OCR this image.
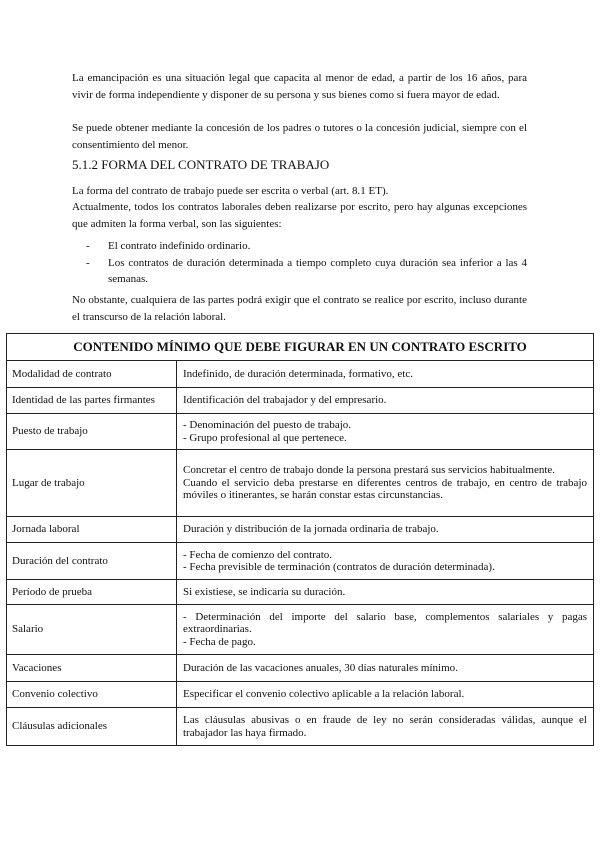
La emancipación es una situación legal que capacita al menor de edad, a partir de los 16 años, para vivir de forma independiente y disponer de su persona y sus bienes como si fuera mayor de edad.

Se puede obtener mediante la concesión de los padres o tutores o la concesión judicial, siempre con el consentimiento del menor.

5.1.2 FORMA DEL CONTRATO DE TRABAJO

La forma del contrato de trabajo puede ser escrita o verbal (art. 8.1 ET).

Actualmente, todos los contratos laborales deben realizarse por escrito, pero hay algunas excepciones que admiten la forma verbal, son las siguientes:

- El contrato indefinido ordinario.
- Los contratos de duración determinada a tiempo completo cuya duración sea inferior a las 4 semanas.

No obstante, cualquiera de las partes podrá exigir que el contrato se realice por escrito, incluso durante el transcurso de la relación laboral.

CONTENIDO MÍNIMO QUE DEBE FIGURAR EN UN CONTRATO ESCRITO	
Modalidad de contrato	Indefinido, de duración determinada, formativo, etc.

Identidad de las partes firmantes	Identificación del trabajador y del empresario.

Puesto de trabajo	- Denominación del puesto de trabajo.
- Grupo profesional al que pertenece.

Lugar de trabajo	Concretar el centro de trabajo donde la persona prestará sus servicios habitualmente.
Cuando el servicio deba prestarse en diferentes centros de trabajo, en centro de trabajo móviles o itinerantes, se harán constar estas circunstancias.

Jornada laboral	Duración y distribución de la jornada ordinaria de trabajo.

Duración del contrato	- Fecha de comienzo del contrato.
- Fecha previsible de terminación (contratos de duración determinada).

Período de prueba	Si existiese, se indicaría su duración.

Salario	- Determinación del importe del salario base, complementos salariales y pagas extraordinarias.
- Fecha de pago.

Vacaciones	Duración de las vacaciones anuales, 30 días naturales mínimo.

Convenio colectivo	Especificar el convenio colectivo aplicable a la relación laboral.

Cláusulas adicionales	Las cláusulas abusivas o en fraude de ley no serán consideradas válidas, aunque el trabajador las haya firmado.
